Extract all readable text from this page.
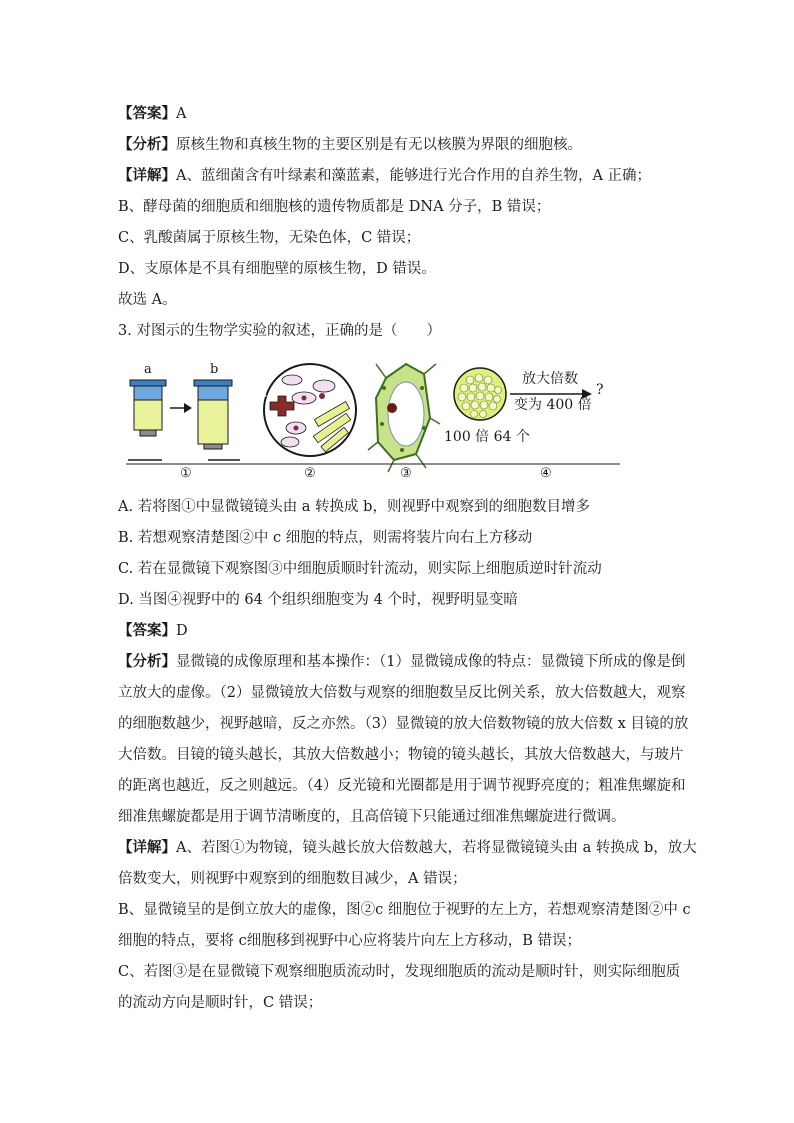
【答案】A
【分析】原核生物和真核生物的主要区别是有无以核膜为界限的细胞核。
【详解】A、蓝细菌含有叶绿素和藻蓝素，能够进行光合作用的自养生物，A 正确；
B、酵母菌的细胞质和细胞核的遗传物质都是 DNA 分子，B 错误；
C、乳酸菌属于原核生物，无染色体，C 错误；
D、支原体是不具有细胞壁的原核生物，D 错误。
故选 A。
3. 对图示的生物学实验的叙述，正确的是（　　）
a	b
c
放大倍数
变为 400 倍
?
100 倍 64 个
①	②	③	④
A. 若将图①中显微镜镜头由 a 转换成 b，则视野中观察到的细胞数目增多
B. 若想观察清楚图②中 c 细胞的特点，则需将装片向右上方移动
C. 若在显微镜下观察图③中细胞质顺时针流动，则实际上细胞质逆时针流动
D. 当图④视野中的 64 个组织细胞变为 4 个时，视野明显变暗
【答案】D
【分析】显微镜的成像原理和基本操作：（1）显微镜成像的特点：显微镜下所成的像是倒
立放大的虚像。（2）显微镜放大倍数与观察的细胞数呈反比例关系，放大倍数越大，观察
的细胞数越少，视野越暗，反之亦然。（3）显微镜的放大倍数物镜的放大倍数 x 目镜的放
大倍数。目镜的镜头越长，其放大倍数越小；物镜的镜头越长，其放大倍数越大，与玻片
的距离也越近，反之则越远。（4）反光镜和光圈都是用于调节视野亮度的；粗准焦螺旋和
细准焦螺旋都是用于调节清晰度的，且高倍镜下只能通过细准焦螺旋进行微调。
【详解】A、若图①为物镜，镜头越长放大倍数越大，若将显微镜镜头由 a 转换成 b，放大
倍数变大，则视野中观察到的细胞数目减少，A 错误；
B、显微镜呈的是倒立放大的虚像，图②c 细胞位于视野的左上方，若想观察清楚图②中 c
细胞的特点，要将 c细胞移到视野中心应将装片向左上方移动，B 错误；
C、若图③是在显微镜下观察细胞质流动时，发现细胞质的流动是顺时针，则实际细胞质
的流动方向是顺时针，C 错误；
